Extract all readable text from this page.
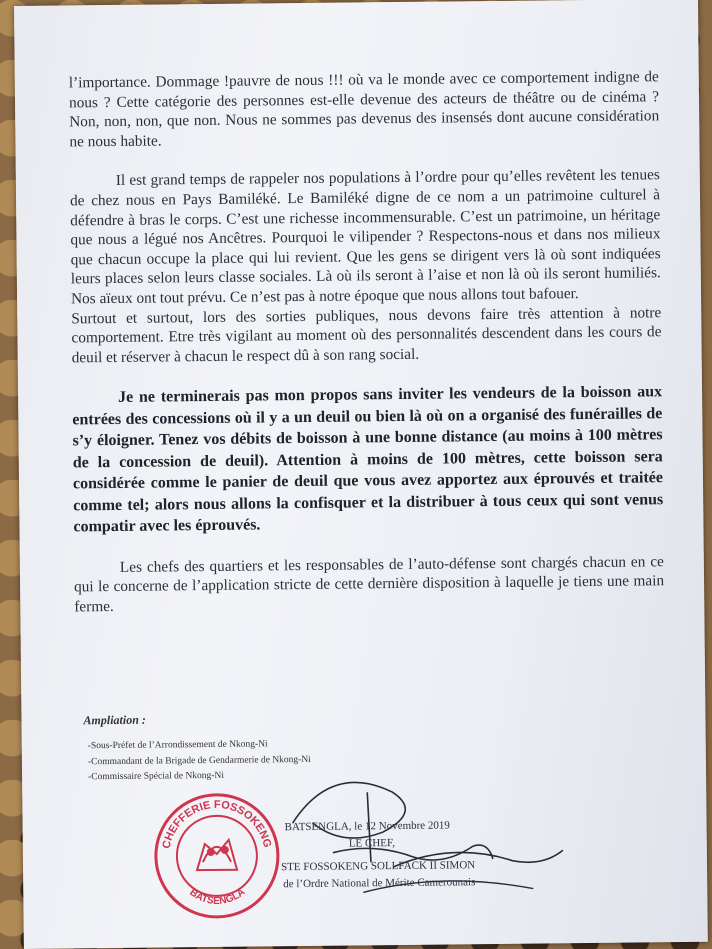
l’importance. Dommage !pauvre de nous !!! où va le monde avec ce comportement indigne de nous ? Cette catégorie des personnes est-elle devenue des acteurs de théâtre ou de cinéma ? Non, non, non, que non. Nous ne sommes pas devenus des insensés dont aucune considération ne nous habite.

Il est grand temps de rappeler nos populations à l’ordre pour qu’elles revêtent les tenues de chez nous en Pays Bamiléké. Le Bamiléké digne de ce nom a un patrimoine culturel à défendre à bras le corps. C’est une richesse incommensurable. C’est un patrimoine, un héritage que nous a légué nos Ancêtres. Pourquoi le vilipender ? Respectons-nous et dans nos milieux que chacun occupe la place qui lui revient. Que les gens se dirigent vers là où sont indiquées leurs places selon leurs classe sociales. Là où ils seront à l’aise et non là où ils seront humiliés. Nos aïeux ont tout prévu. Ce n’est pas à notre époque que nous allons tout bafouer.

Surtout et surtout, lors des sorties publiques, nous devons faire très attention à notre comportement. Etre très vigilant au moment où des personnalités descendent dans les cours de deuil et réserver à chacun le respect dû à son rang social.

Je ne terminerais pas mon propos sans inviter les vendeurs de la boisson aux entrées des concessions où il y a un deuil ou bien là où on a organisé des funérailles de s’y éloigner. Tenez vos débits de boisson à une bonne distance (au moins à 100 mètres de la concession de deuil). Attention à moins de 100 mètres, cette boisson sera considérée comme le panier de deuil que vous avez apportez aux éprouvés et traitée comme tel; alors nous allons la confisquer et la distribuer à tous ceux qui sont venus compatir avec les éprouvés.

Les chefs des quartiers et les responsables de l’auto-défense sont chargés chacun en ce qui le concerne de l’application stricte de cette dernière disposition à laquelle je tiens une main ferme.

Ampliation :
-Sous-Préfet de l’Arrondissement de Nkong-Ni
-Commandant de la Brigade de Gendarmerie de Nkong-Ni
-Commissaire Spécial de Nkong-Ni
CHEFFERIE FOSSOKENG
BATSENGLA
BATSENGLA, le 12 Novembre 2019
LE CHEF,
STE FOSSOKENG SOLLFACK II SIMON
de l’Ordre National de Mérite Camerounais
